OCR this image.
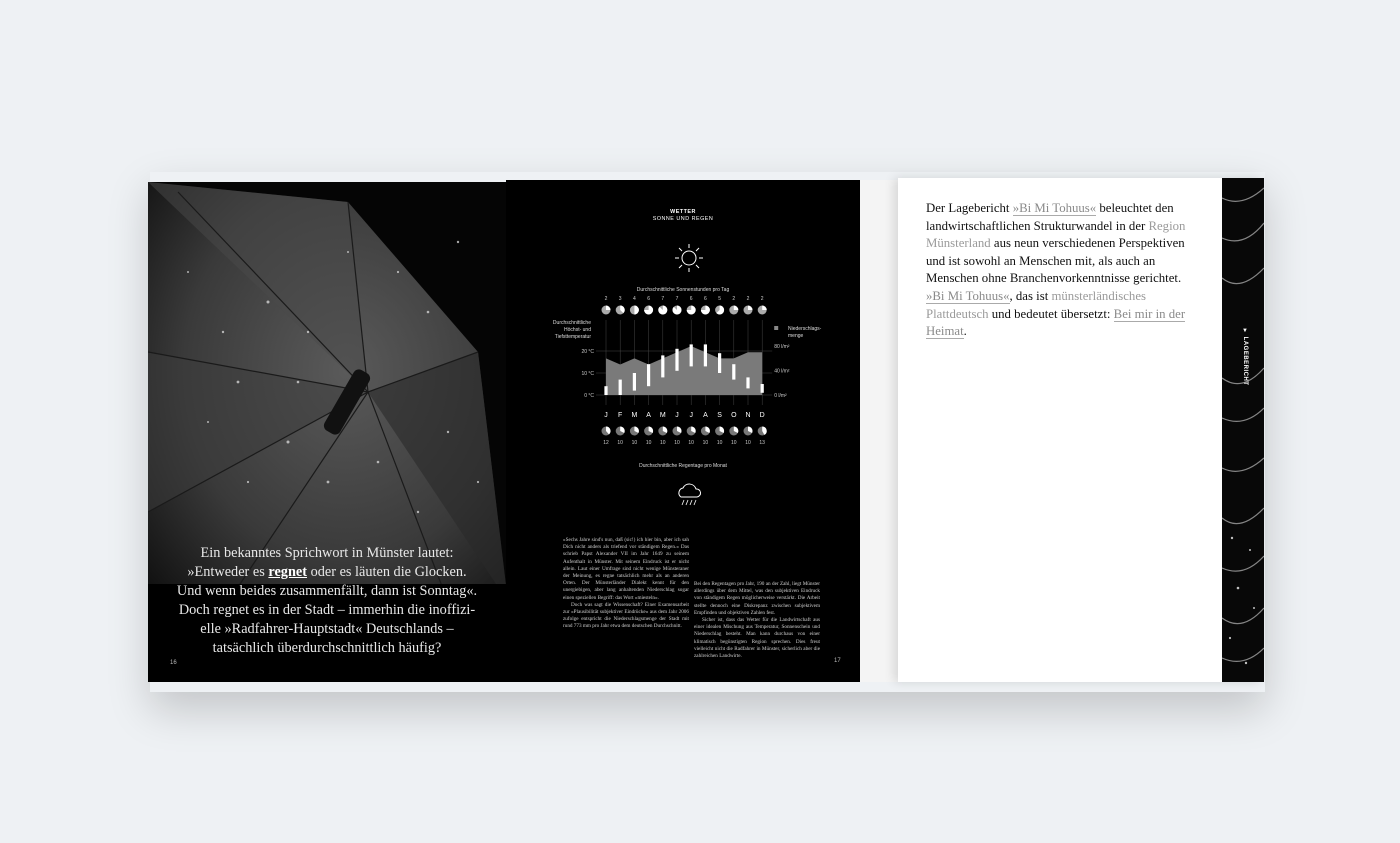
Ein bekanntes Sprichwort in Münster lautet:
»Entweder es regnet oder es läuten die Glocken.
Und wenn beides zusammenfällt, dann ist Sonntag«.
Doch regnet es in der Stadt – immerhin die inoffizi-
elle »Radfahrer-Hauptstadt« Deutschlands –
tatsächlich überdurchschnittlich häufig?
16
WETTER
SONNE UND REGEN
Durchschnittliche Sonnenstunden pro Tag
Durchschnittliche Höchst- und Tiefsttemperatur
Niederschlags-menge
Durchschnittliche Regentage pro Monat
2 3 4 6 7 7 6 6 5 2 2 2
J F M A M J J A S O N D
12 10 10 10 10 10 10 10 10 10 10 13
20 °C
10 °C
0 °C
80 l/m²
40 l/m²
0 l/m²

»Sechs Jahre sind's nun, daß (sic!) ich hier bin, aber ich sah Dich nicht anders als triefend vor ständigem Regen.« Das schrieb Papst Alexander VII im Jahr 1649 zu seinem Aufenthalt in Münster. Mit seinem Eindruck ist er nicht allein. Laut einer Umfrage sind nicht wenige Münsteraner der Meinung, es regne tatsächlich mehr als an anderen Orten. Der Münsterländer Dialekt kennt für den unergiebigen, aber lang anhaltenden Niederschlag sogar einen speziellen Begriff: das Wort »miesteln«.

Doch was sagt die Wissenschaft? Einer Examensarbeit zur »Plausibilität subjektiver Eindrücke« aus dem Jahr 2006 zufolge entspricht die Niederschlagsmenge der Stadt mit rund 773 mm pro Jahr etwa dem deutschen Durchschnitt.

Bei den Regentagen pro Jahr, 190 an der Zahl, liegt Münster allerdings über dem Mittel, was den subjektiven Eindruck von ständigem Regen möglicherweise verstärkt. Die Arbeit stellte dennoch eine Diskrepanz zwischen subjektivem Empfinden und objektiven Zahlen fest.

Sicher ist, dass das Wetter für die Landwirtschaft aus einer idealen Mischung aus Temperatur, Sonnenschein und Niederschlag besteht. Man kann durchaus von einer klimatisch begünstigten Region sprechen. Dies freut vielleicht nicht die Radfahrer in Münster, sicherlich aber die zahlreichen Landwirte.

17
Der Lagebericht »Bi Mi Tohuus« beleuchtet den landwirtschaftlichen Strukturwandel in der Region Münsterland aus neun verschiedenen Perspektiven und ist sowohl an Menschen mit, als auch an Menschen ohne Branchenvorkenntnisse gerichtet. »Bi Mi Tohuus«, das ist münsterländisches Plattdeutsch und bedeutet übersetzt: Bei mir in der Heimat.	▼ LAGEBERICHT
